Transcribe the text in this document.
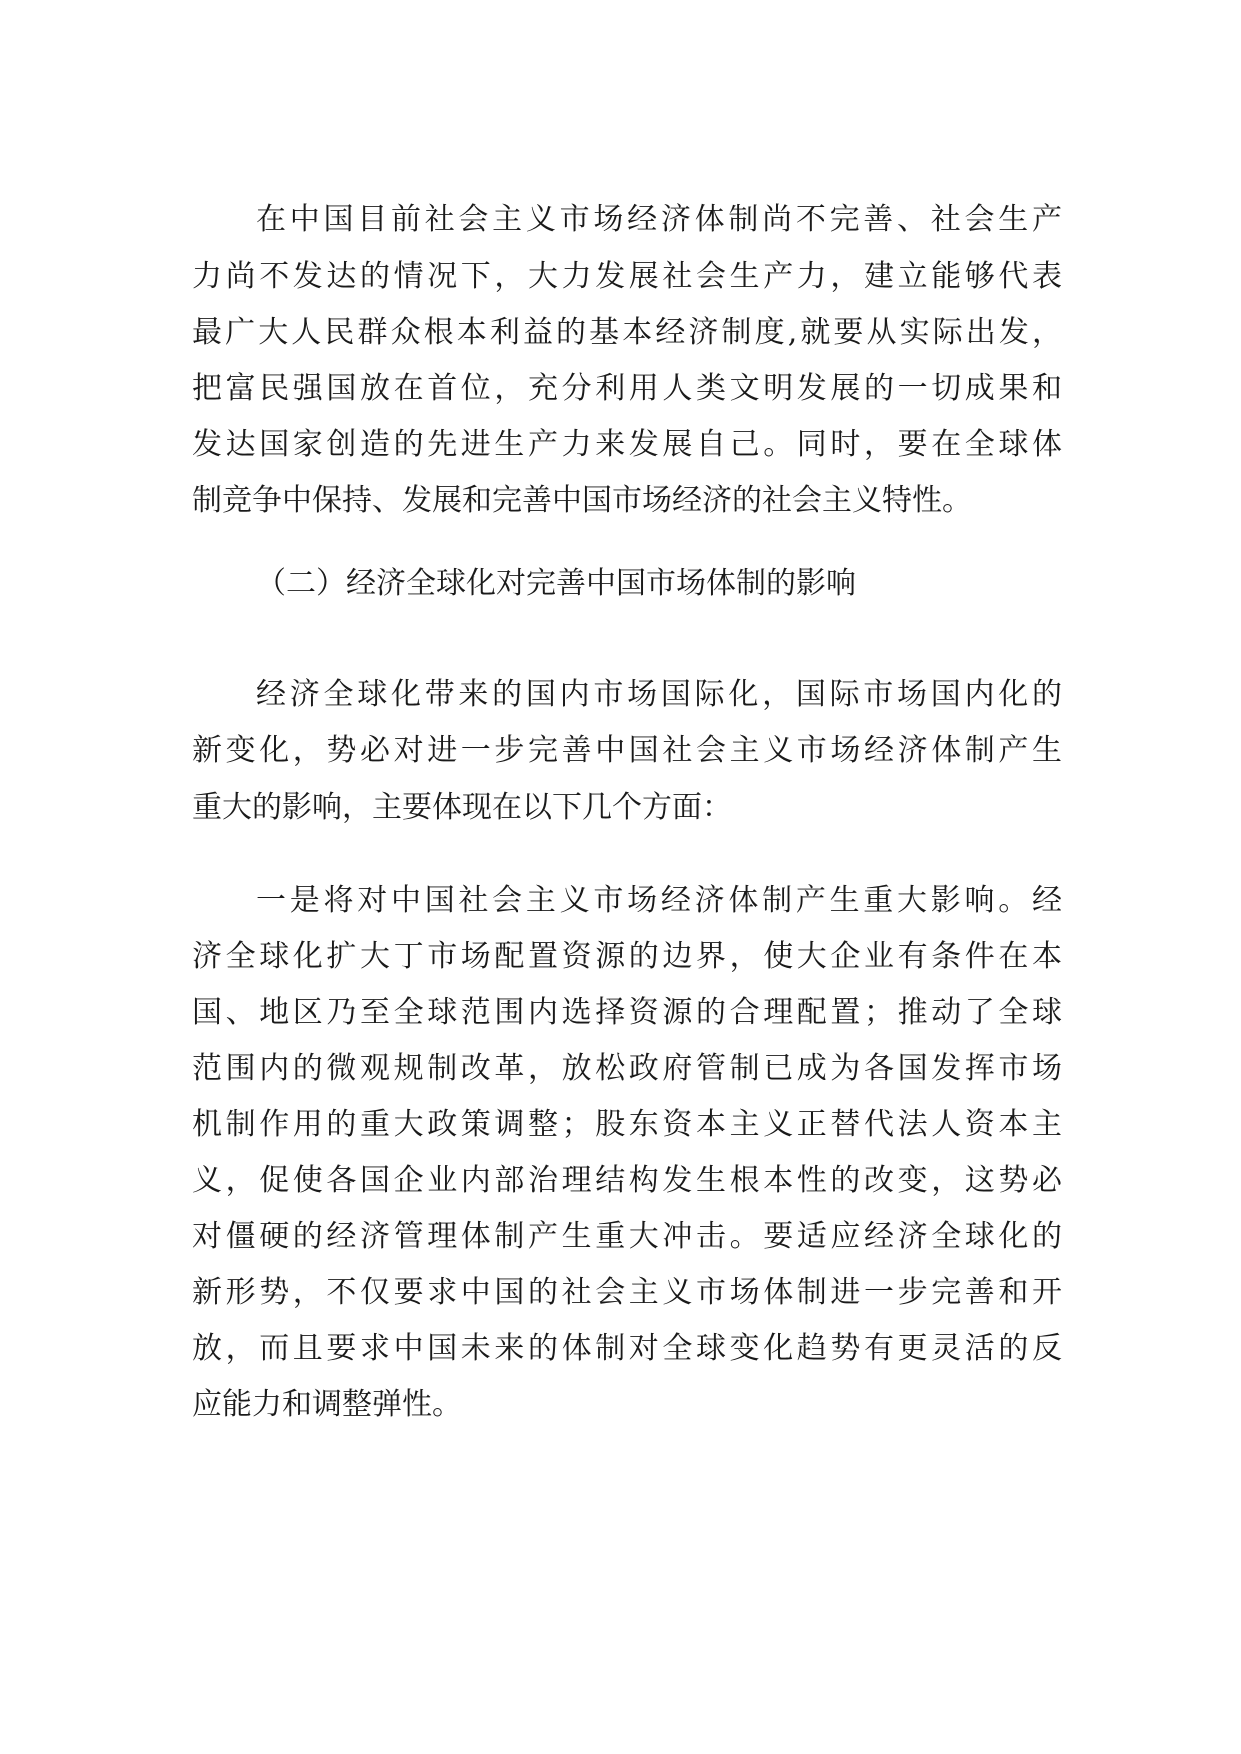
在中国目前社会主义市场经济体制尚不完善、社会生产
力尚不发达的情况下，大力发展社会生产力，建立能够代表
最广大人民群众根本利益的基本经济制度,就要从实际出发，
把富民强国放在首位，充分利用人类文明发展的一切成果和
发达国家创造的先进生产力来发展自己。同时，要在全球体
制竞争中保持、发展和完善中国市场经济的社会主义特性。
（二）经济全球化对完善中国市场体制的影响
经济全球化带来的国内市场国际化，国际市场国内化的
新变化，势必对进一步完善中国社会主义市场经济体制产生
重大的影响，主要体现在以下几个方面：
一是将对中国社会主义市场经济体制产生重大影响。经
济全球化扩大丁市场配置资源的边界，使大企业有条件在本
国、地区乃至全球范围内选择资源的合理配置；推动了全球
范围内的微观规制改革，放松政府管制已成为各国发挥市场
机制作用的重大政策调整；股东资本主义正替代法人资本主
义，促使各国企业内部治理结构发生根本性的改变，这势必
对僵硬的经济管理体制产生重大冲击。要适应经济全球化的
新形势，不仅要求中国的社会主义市场体制进一步完善和开
放，而且要求中国未来的体制对全球变化趋势有更灵活的反
应能力和调整弹性。
